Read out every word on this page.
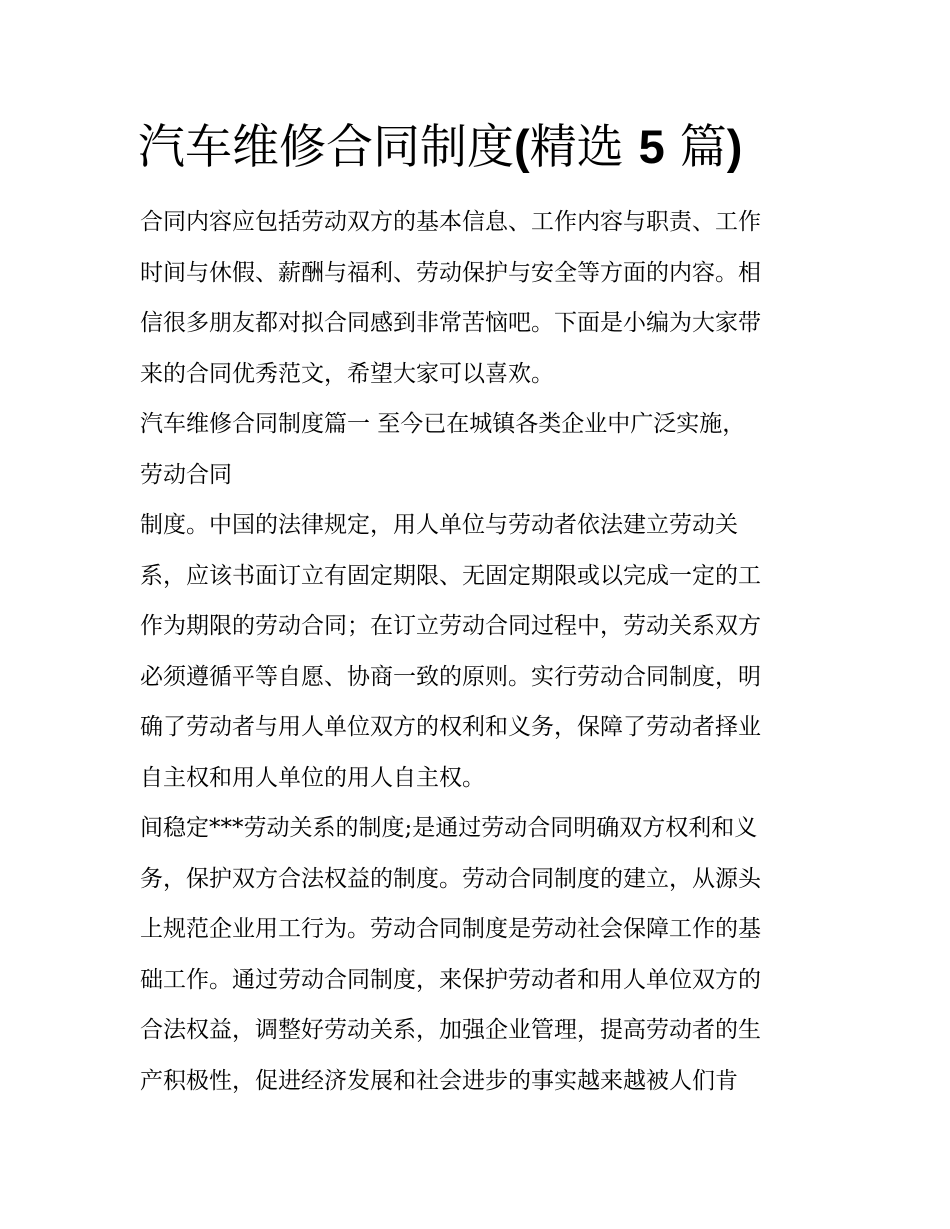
汽车维修合同制度(精选 5 篇)
合同内容应包括劳动双方的基本信息、工作内容与职责、工作
时间与休假、薪酬与福利、劳动保护与安全等方面的内容。相
信很多朋友都对拟合同感到非常苦恼吧。下面是小编为大家带
来的合同优秀范文，希望大家可以喜欢。
汽车维修合同制度篇一 至今已在城镇各类企业中广泛实施，
劳动合同
制度。中国的法律规定，用人单位与劳动者依法建立劳动关
系，应该书面订立有固定期限、无固定期限或以完成一定的工
作为期限的劳动合同；在订立劳动合同过程中，劳动关系双方
必须遵循平等自愿、协商一致的原则。实行劳动合同制度，明
确了劳动者与用人单位双方的权利和义务，保障了劳动者择业
自主权和用人单位的用人自主权。
间稳定***劳动关系的制度;是通过劳动合同明确双方权利和义
务，保护双方合法权益的制度。劳动合同制度的建立，从源头
上规范企业用工行为。劳动合同制度是劳动社会保障工作的基
础工作。通过劳动合同制度，来保护劳动者和用人单位双方的
合法权益，调整好劳动关系，加强企业管理，提高劳动者的生
产积极性，促进经济发展和社会进步的事实越来越被人们肯
